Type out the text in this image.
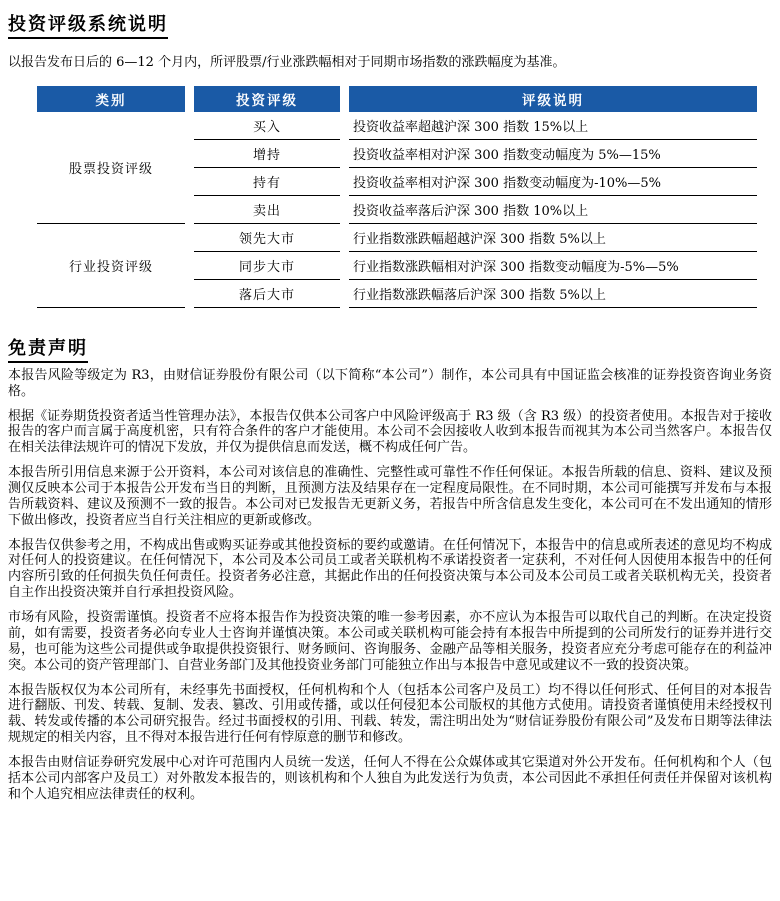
投资评级系统说明

以报告发布日后的 6—12 个月内，所评股票/行业涨跌幅相对于同期市场指数的涨跌幅度为基准。

类别	投资评级	评级说明
股票投资评级	买入	投资收益率超越沪深 300 指数 15%以上
	增持	投资收益率相对沪深 300 指数变动幅度为 5%—15%
	持有	投资收益率相对沪深 300 指数变动幅度为-10%—5%
	卖出	投资收益率落后沪深 300 指数 10%以上
行业投资评级	领先大市	行业指数涨跌幅超越沪深 300 指数 5%以上
	同步大市	行业指数涨跌幅相对沪深 300 指数变动幅度为-5%—5%
	落后大市	行业指数涨跌幅落后沪深 300 指数 5%以上
免责声明

本报告风险等级定为 R3，由财信证券股份有限公司（以下简称“本公司”）制作，本公司具有中国证监会核准的证券投资咨询业务资格。

根据《证券期货投资者适当性管理办法》，本报告仅供本公司客户中风险评级高于 R3 级（含 R3 级）的投资者使用。本报告对于接收报告的客户而言属于高度机密，只有符合条件的客户才能使用。本公司不会因接收人收到本报告而视其为本公司当然客户。本报告仅在相关法律法规许可的情况下发放，并仅为提供信息而发送，概不构成任何广告。

本报告所引用信息来源于公开资料，本公司对该信息的准确性、完整性或可靠性不作任何保证。本报告所载的信息、资料、建议及预测仅反映本公司于本报告公开发布当日的判断，且预测方法及结果存在一定程度局限性。在不同时期，本公司可能撰写并发布与本报告所载资料、建议及预测不一致的报告。本公司对已发报告无更新义务，若报告中所含信息发生变化，本公司可在不发出通知的情形下做出修改，投资者应当自行关注相应的更新或修改。

本报告仅供参考之用，不构成出售或购买证券或其他投资标的要约或邀请。在任何情况下，本报告中的信息或所表述的意见均不构成对任何人的投资建议。在任何情况下，本公司及本公司员工或者关联机构不承诺投资者一定获利，不对任何人因使用本报告中的任何内容所引致的任何损失负任何责任。投资者务必注意，其据此作出的任何投资决策与本公司及本公司员工或者关联机构无关，投资者自主作出投资决策并自行承担投资风险。

市场有风险，投资需谨慎。投资者不应将本报告作为投资决策的唯一参考因素，亦不应认为本报告可以取代自己的判断。在决定投资前，如有需要，投资者务必向专业人士咨询并谨慎决策。本公司或关联机构可能会持有本报告中所提到的公司所发行的证券并进行交易，也可能为这些公司提供或争取提供投资银行、财务顾问、咨询服务、金融产品等相关服务，投资者应充分考虑可能存在的利益冲突。本公司的资产管理部门、自营业务部门及其他投资业务部门可能独立作出与本报告中意见或建议不一致的投资决策。

本报告版权仅为本公司所有，未经事先书面授权，任何机构和个人（包括本公司客户及员工）均不得以任何形式、任何目的对本报告进行翻版、刊发、转载、复制、发表、篡改、引用或传播，或以任何侵犯本公司版权的其他方式使用。请投资者谨慎使用未经授权刊载、转发或传播的本公司研究报告。经过书面授权的引用、刊载、转发，需注明出处为“财信证券股份有限公司”及发布日期等法律法规规定的相关内容，且不得对本报告进行任何有悖原意的删节和修改。

本报告由财信证券研究发展中心对许可范围内人员统一发送，任何人不得在公众媒体或其它渠道对外公开发布。任何机构和个人（包括本公司内部客户及员工）对外散发本报告的，则该机构和个人独自为此发送行为负责，本公司因此不承担任何责任并保留对该机构和个人追究相应法律责任的权利。
